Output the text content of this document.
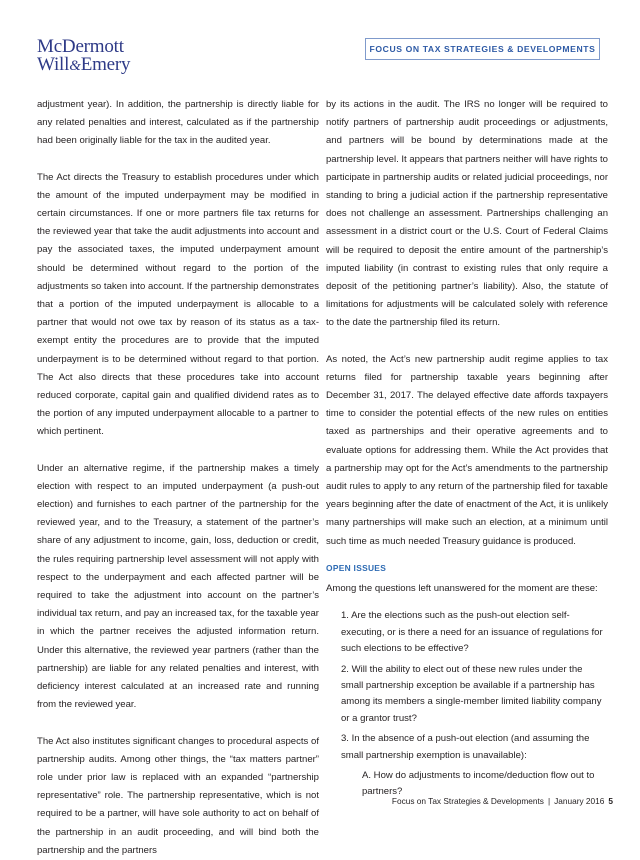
McDermott
Will&Emery
FOCUS ON TAX STRATEGIES & DEVELOPMENTS

adjustment year). In addition, the partnership is directly liable for any related penalties and interest, calculated as if the partnership had been originally liable for the tax in the audited year.

The Act directs the Treasury to establish procedures under which the amount of the imputed underpayment may be modified in certain circumstances. If one or more partners file tax returns for the reviewed year that take the audit adjustments into account and pay the associated taxes, the imputed underpayment amount should be determined without regard to the portion of the adjustments so taken into account. If the partnership demonstrates that a portion of the imputed underpayment is allocable to a partner that would not owe tax by reason of its status as a tax-exempt entity the procedures are to provide that the imputed underpayment is to be determined without regard to that portion. The Act also directs that these procedures take into account reduced corporate, capital gain and qualified dividend rates as to the portion of any imputed underpayment allocable to a partner to which pertinent.

Under an alternative regime, if the partnership makes a timely election with respect to an imputed underpayment (a push-out election) and furnishes to each partner of the partnership for the reviewed year, and to the Treasury, a statement of the partner’s share of any adjustment to income, gain, loss, deduction or credit, the rules requiring partnership level assessment will not apply with respect to the underpayment and each affected partner will be required to take the adjustment into account on the partner’s individual tax return, and pay an increased tax, for the taxable year in which the partner receives the adjusted information return. Under this alternative, the reviewed year partners (rather than the partnership) are liable for any related penalties and interest, with deficiency interest calculated at an increased rate and running from the reviewed year.

The Act also institutes significant changes to procedural aspects of partnership audits. Among other things, the “tax matters partner” role under prior law is replaced with an expanded “partnership representative” role. The partnership representative, which is not required to be a partner, will have sole authority to act on behalf of the partnership in an audit proceeding, and will bind both the partnership and the partners

by its actions in the audit. The IRS no longer will be required to notify partners of partnership audit proceedings or adjustments, and partners will be bound by determinations made at the partnership level. It appears that partners neither will have rights to participate in partnership audits or related judicial proceedings, nor standing to bring a judicial action if the partnership representative does not challenge an assessment. Partnerships challenging an assessment in a district court or the U.S. Court of Federal Claims will be required to deposit the entire amount of the partnership’s imputed liability (in contrast to existing rules that only require a deposit of the petitioning partner’s liability). Also, the statute of limitations for adjustments will be calculated solely with reference to the date the partnership filed its return.

As noted, the Act’s new partnership audit regime applies to tax returns filed for partnership taxable years beginning after December 31, 2017. The delayed effective date affords taxpayers time to consider the potential effects of the new rules on entities taxed as partnerships and their operative agreements and to evaluate options for addressing them. While the Act provides that a partnership may opt for the Act’s amendments to the partnership audit rules to apply to any return of the partnership filed for taxable years beginning after the date of enactment of the Act, it is unlikely many partnerships will make such an election, at a minimum until such time as much needed Treasury guidance is produced.

OPEN ISSUES

Among the questions left unanswered for the moment are these:

1. Are the elections such as the push-out election self-executing, or is there a need for an issuance of regulations for such elections to be effective?
2. Will the ability to elect out of these new rules under the small partnership exception be available if a partnership has among its members a single-member limited liability company or a grantor trust?
3. In the absence of a push-out election (and assuming the small partnership exemption is unavailable):
A. How do adjustments to income/deduction flow out to partners?
Focus on Tax Strategies & Developments | January 2016 5
